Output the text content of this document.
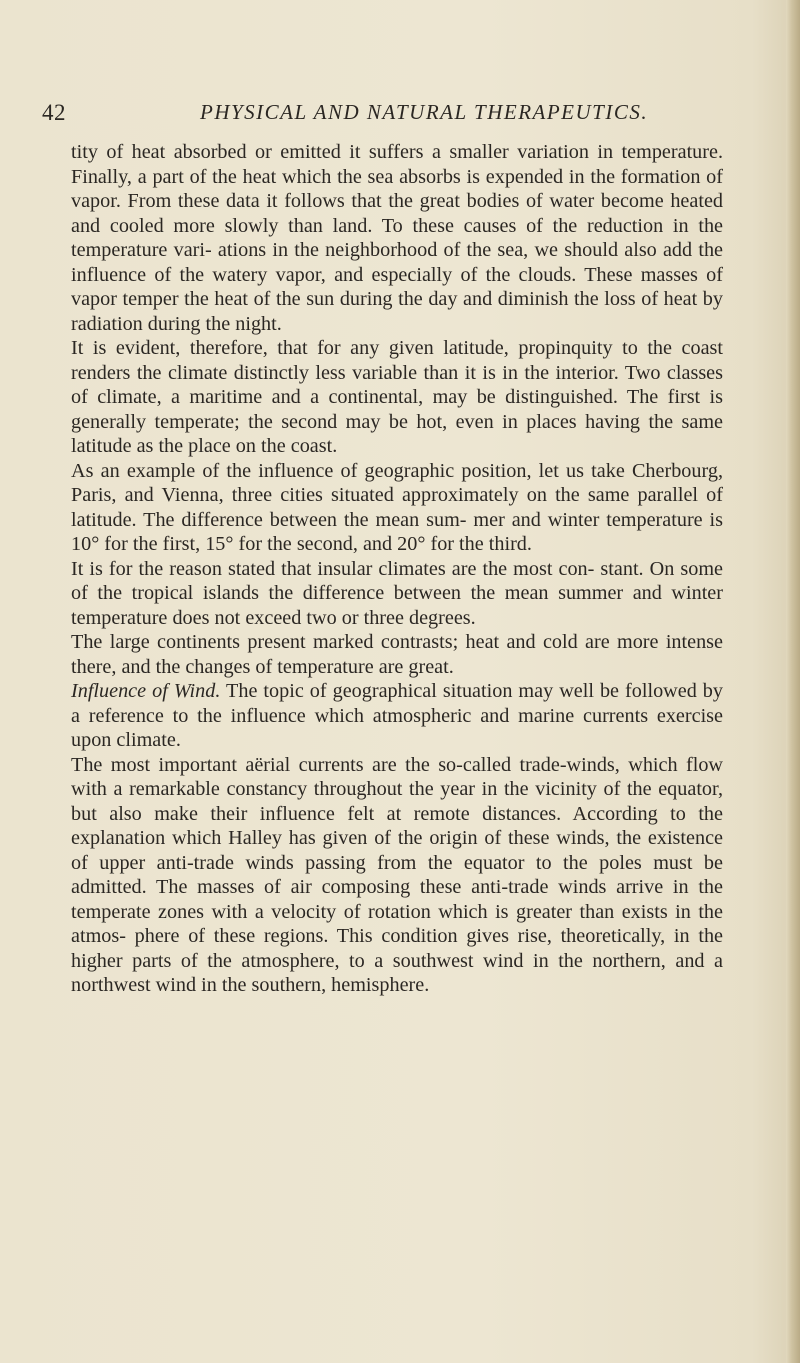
42	PHYSICAL AND NATURAL THERAPEUTICS.

tity of heat absorbed or emitted it suffers a smaller variation in temperature. Finally, a part of the heat which the sea absorbs is expended in the formation of vapor. From these data it follows that the great bodies of water become heated and cooled more slowly than land. To these causes of the reduction in the temperature vari- ations in the neighborhood of the sea, we should also add the influence of the watery vapor, and especially of the clouds. These masses of vapor temper the heat of the sun during the day and diminish the loss of heat by radiation during the night.

It is evident, therefore, that for any given latitude, propinquity to the coast renders the climate distinctly less variable than it is in the interior. Two classes of climate, a maritime and a continental, may be distinguished. The first is generally temperate; the second may be hot, even in places having the same latitude as the place on the coast.

As an example of the influence of geographic position, let us take Cherbourg, Paris, and Vienna, three cities situated approximately on the same parallel of latitude. The difference between the mean sum- mer and winter temperature is 10° for the first, 15° for the second, and 20° for the third.

It is for the reason stated that insular climates are the most con- stant. On some of the tropical islands the difference between the mean summer and winter temperature does not exceed two or three degrees.

The large continents present marked contrasts; heat and cold are more intense there, and the changes of temperature are great.

Influence of Wind. The topic of geographical situation may well be followed by a reference to the influence which atmospheric and marine currents exercise upon climate.

The most important aërial currents are the so-called trade-winds, which flow with a remarkable constancy throughout the year in the vicinity of the equator, but also make their influence felt at remote distances. According to the explanation which Halley has given of the origin of these winds, the existence of upper anti-trade winds passing from the equator to the poles must be admitted. The masses of air composing these anti-trade winds arrive in the temperate zones with a velocity of rotation which is greater than exists in the atmos- phere of these regions. This condition gives rise, theoretically, in the higher parts of the atmosphere, to a southwest wind in the northern, and a northwest wind in the southern, hemisphere.
